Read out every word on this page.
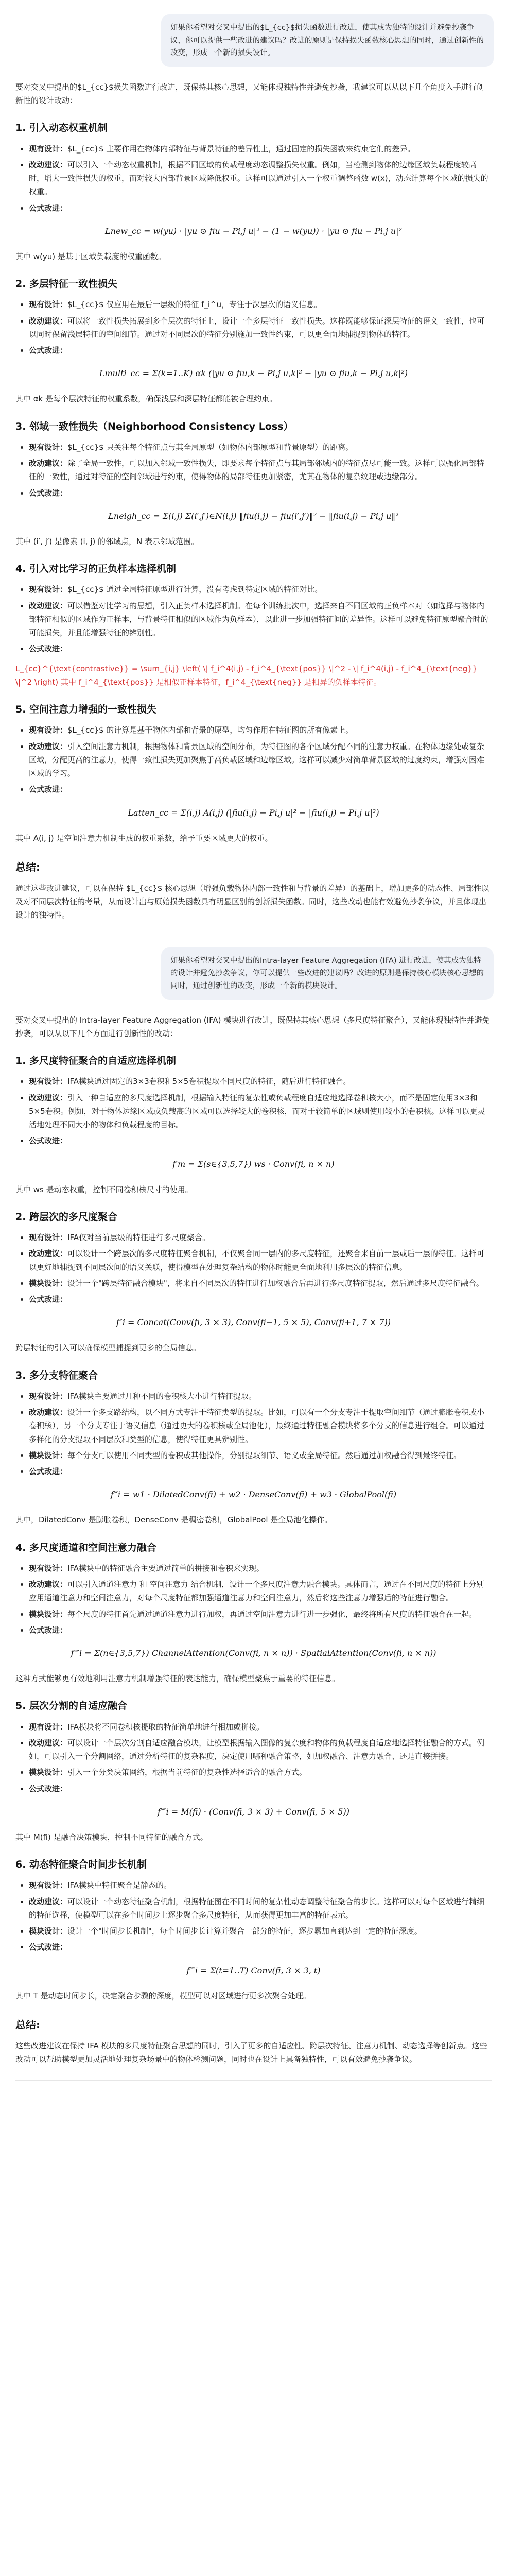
如果你希望对交叉中提出的$L_{cc}$损失函数进行改进，使其成为独特的设计并避免抄袭争议，你可以提供一些改进的建议吗？改进的原则是保持损失函数核心思想的同时，通过创新性的改变，形成一个新的损失设计。

要对交叉中提出的$L_{cc}$损失函数进行改进，既保持其核心思想，又能体现独特性并避免抄袭，我建议可以从以下几个角度入手进行创新性的设计改动：

1. 引入动态权重机制
• 现有设计：$L_{cc}$ 主要作用在物体内部特征与背景特征的差异性上，通过固定的损失函数来约束它们的差异。
• 改动建议：可以引入一个动态权重机制，根据不同区域的负载程度动态调整损失权重。例如，当检测到物体的边缘区域负载程度较高时，增大一致性损失的权重，而对较大内部背景区域降低权重。这样可以通过引入一个权重调整函数 w(x)，动态计算每个区域的损失的权重。
• 公式改进：
Lnew_cc = w(yu) · |yu ⊙ fiu − Pi,j u|² − (1 − w(yu)) · |yu ⊙ fiu − Pi,j u|²

其中 w(yu) 是基于区域负载度的权重函数。

2. 多层特征一致性损失
• 现有设计：$L_{cc}$ 仅应用在最后一层级的特征 f_i^u，专注于深层次的语义信息。
• 改动建议：可以将一致性损失拓展到多个层次的特征上，设计一个多层特征一致性损失。这样既能够保证深层特征的语义一致性，也可以同时保留浅层特征的空间细节。通过对不同层次的特征分别施加一致性约束，可以更全面地捕捉到物体的特征。
• 公式改进：
Lmulti_cc = Σ(k=1..K) αk (|yu ⊙ fiu,k − Pi,j u,k|² − |yu ⊙ fiu,k − Pi,j u,k|²)

其中 αk 是每个层次特征的权重系数，确保浅层和深层特征都能被合理约束。

3. 邻域一致性损失（Neighborhood Consistency Loss）
• 现有设计：$L_{cc}$ 只关注每个特征点与其全局原型（如物体内部原型和背景原型）的距离。
• 改动建议：除了全局一致性，可以加入邻域一致性损失，即要求每个特征点与其局部邻域内的特征点尽可能一致。这样可以强化局部特征的一致性，通过对特征的空间邻域进行约束，使得物体的局部特征更加紧密，尤其在物体的复杂纹理或边缘部分。
• 公式改进：
Lneigh_cc = Σ(i,j) Σ(i′,j′)∈N(i,j) ‖fiu(i,j) − fiu(i′,j′)‖² − ‖fiu(i,j) − Pi,j u‖²

其中 (i′, j′) 是像素 (i, j) 的邻域点，N 表示邻域范围。

4. 引入对比学习的正负样本选择机制
• 现有设计：$L_{cc}$ 通过全局特征原型进行计算，没有考虑到特定区域的特征对比。
• 改动建议：可以借鉴对比学习的思想，引入正负样本选择机制。在每个训练批次中，选择来自不同区域的正负样本对（如选择与物体内部特征相似的区域作为正样本，与背景特征相似的区域作为负样本），以此进一步加强特征间的差异性。这样可以避免特征原型聚合时的可能损失，并且能增强特征的辨别性。
• 公式改进：

L_{cc}^{\text{contrastive}} = \sum_{i,j} \left( \| f_i^4(i,j) - f_i^4_{\text{pos}} \|^2 - \| f_i^4(i,j) - f_i^4_{\text{neg}} \|^2 \right) 其中 f_i^4_{\text{pos}} 是相似正样本特征，f_i^4_{\text{neg}} 是相异的负样本特征。

5. 空间注意力增强的一致性损失
• 现有设计：$L_{cc}$ 的计算是基于物体内部和背景的原型，均匀作用在特征图的所有像素上。
• 改动建议：引入空间注意力机制，根据物体和背景区域的空间分布，为特征图的各个区域分配不同的注意力权重。在物体边缘处或复杂区域，分配更高的注意力，使得一致性损失更加聚焦于高负载区域和边缘区域。这样可以减少对简单背景区域的过度约束，增强对困难区域的学习。
• 公式改进：
Latten_cc = Σ(i,j) A(i,j) (|fiu(i,j) − Pi,j u|² − |fiu(i,j) − Pi,j u|²)

其中 A(i, j) 是空间注意力机制生成的权重系数，给予重要区域更大的权重。

总结:

通过这些改进建议，可以在保持 $L_{cc}$ 核心思想（增强负载物体内部一致性和与背景的差异）的基础上，增加更多的动态性、局部性以及对不同层次特征的考量，从而设计出与原始损失函数具有明显区别的创新损失函数。同时，这些改动也能有效避免抄袭争议，并且体现出设计的独特性。

如果你希望对交叉中提出的Intra-layer Feature Aggregation (IFA) 进行改进，使其成为独特的设计并避免抄袭争议，你可以提供一些改进的建议吗？改进的原则是保持核心模块核心思想的同时，通过创新性的改变，形成一个新的模块设计。

要对交叉中提出的 Intra-layer Feature Aggregation (IFA) 模块进行改进，既保持其核心思想（多尺度特征聚合），又能体现独特性并避免抄袭，可以从以下几个方面进行创新性的改动：

1. 多尺度特征聚合的自适应选择机制
• 现有设计：IFA模块通过固定的3×3卷积和5×5卷积提取不同尺度的特征，随后进行特征融合。
• 改动建议：引入一种自适应的多尺度选择机制，根据输入特征的复杂性或负载程度自适应地选择卷积核大小，而不是固定使用3×3和5×5卷积。例如，对于物体边缘区域或负载高的区域可以选择较大的卷积核，而对于较简单的区域则使用较小的卷积核。这样可以更灵活地处理不同大小的物体和负载程度的目标。
• 公式改进：
f′m = Σ(s∈{3,5,7}) ws · Conv(fi, n × n)

其中 ws 是动态权重，控制不同卷积核尺寸的使用。

2. 跨层次的多尺度聚合
• 现有设计：IFA仅对当前层级的特征进行多尺度聚合。
• 改动建议：可以设计一个跨层次的多尺度特征聚合机制，不仅聚合同一层内的多尺度特征，还聚合来自前一层或后一层的特征。这样可以更好地捕捉到不同层次间的语义关联，使得模型在处理复杂结构的物体时能更全面地利用多层次的特征信息。
• 模块设计：设计一个"跨层特征融合模块"，将来自不同层次的特征进行加权融合后再进行多尺度特征提取，然后通过多尺度特征融合。
• 公式改进：
f″i = Concat(Conv(fi, 3 × 3), Conv(fi−1, 5 × 5), Conv(fi+1, 7 × 7))

跨层特征的引入可以确保模型捕捉到更多的全局信息。

3. 多分支特征聚合
• 现有设计：IFA模块主要通过几种不同的卷积核大小进行特征提取。
• 改动建议：设计一个多支路结构，以不同方式专注于特征类型的提取。比如，可以有一个分支专注于提取空间细节（通过膨胀卷积或小卷积核），另一个分支专注于语义信息（通过更大的卷积核或全局池化），最终通过特征融合模块将多个分支的信息进行组合。可以通过多样化的分支提取不同层次和类型的信息，使得特征更具辨别性。
• 模块设计：每个分支可以使用不同类型的卷积或其他操作，分别提取细节、语义或全局特征。然后通过加权融合得到最终特征。
• 公式改进：
f‴i = w1 · DilatedConv(fi) + w2 · DenseConv(fi) + w3 · GlobalPool(fi)

其中，DilatedConv 是膨胀卷积，DenseConv 是稠密卷积，GlobalPool 是全局池化操作。

4. 多尺度通道和空间注意力融合
• 现有设计：IFA模块中的特征融合主要通过简单的拼接和卷积来实现。
• 改动建议：可以引入通道注意力 和 空间注意力 结合机制，设计一个多尺度注意力融合模块。具体而言，通过在不同尺度的特征上分别应用通道注意力和空间注意力，对每个尺度特征都加强通道注意力和空间注意力，然后将这些注意力增强后的特征进行融合。
• 模块设计：每个尺度的特征首先通过通道注意力进行加权，再通过空间注意力进行进一步强化，最终将所有尺度的特征融合在一起。
• 公式改进：
f⁗i = Σ(n∈{3,5,7}) ChannelAttention(Conv(fi, n × n)) · SpatialAttention(Conv(fi, n × n))

这种方式能够更有效地利用注意力机制增强特征的表达能力，确保模型聚焦于重要的特征信息。

5. 层次分割的自适应融合
• 现有设计：IFA模块将不同卷积核提取的特征简单地进行相加或拼接。
• 改动建议：可以设计一个层次分割自适应融合模块，让模型根据输入图像的复杂度和物体的负载程度自适应地选择特征融合的方式。例如，可以引入一个分割网络，通过分析特征的复杂程度，决定使用哪种融合策略，如加权融合、注意力融合、还是直接拼接。
• 模块设计：引入一个分类决策网络，根据当前特征的复杂性选择适合的融合方式。
• 公式改进：
f⁗i = M(fi) · (Conv(fi, 3 × 3) + Conv(fi, 5 × 5))

其中 M(fi) 是融合决策模块，控制不同特征的融合方式。

6. 动态特征聚合时间步长机制
• 现有设计：IFA模块中特征聚合是静态的。
• 改动建议：可以设计一个动态特征聚合机制，根据特征图在不同时间的复杂性动态调整特征聚合的步长。这样可以对每个区域进行精细的特征选择，使模型可以在多个时间步上逐步聚合多尺度特征，从而获得更加丰富的特征表示。
• 模块设计：设计一个"时间步长机制"，每个时间步长计算并聚合一部分的特征，逐步累加直到达到一定的特征深度。
• 公式改进：
f⁗i = Σ(t=1..T) Conv(fi, 3 × 3, t)

其中 T 是动态时间步长，决定聚合步骤的深度，模型可以对区域进行更多次聚合处理。

总结:

这些改进建议在保持 IFA 模块的多尺度特征聚合思想的同时，引入了更多的自适应性、跨层次特征、注意力机制、动态选择等创新点。这些改动可以帮助模型更加灵活地处理复杂场景中的物体检测问题，同时也在设计上具备独特性，可以有效避免抄袭争议。
